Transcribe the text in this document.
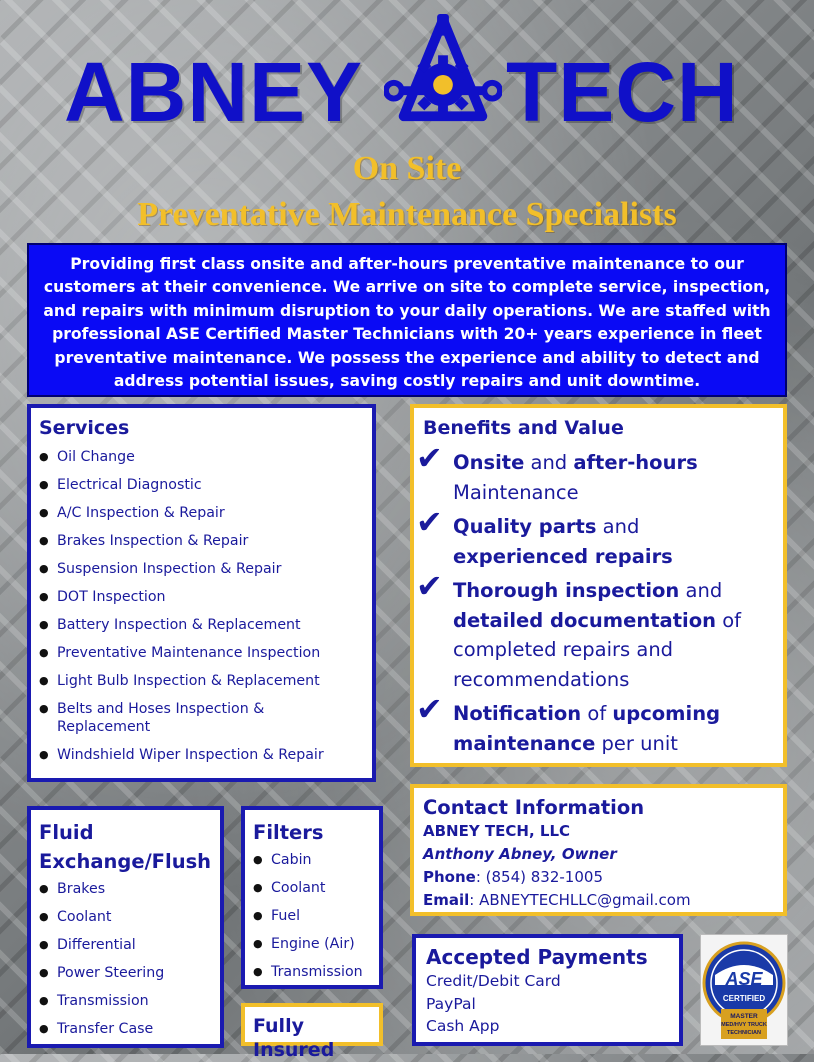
ABNEY TECH
On Site
Preventative Maintenance Specialists
Providing first class onsite and after-hours preventative maintenance to our customers at their convenience. We arrive on site to complete service, inspection, and repairs with minimum disruption to your daily operations. We are staffed with professional ASE Certified Master Technicians with 20+ years experience in fleet preventative maintenance. We possess the experience and ability to detect and address potential issues, saving costly repairs and unit downtime.
Services
● Oil Change
● Electrical Diagnostic
● A/C Inspection & Repair
● Brakes Inspection & Repair
● Suspension Inspection & Repair
● DOT Inspection
● Battery Inspection & Replacement
● Preventative Maintenance Inspection
● Light Bulb Inspection & Replacement
● Belts and Hoses Inspection & Replacement
● Windshield Wiper Inspection & Repair
Benefits and Value
✔ Onsite and after-hours Maintenance
✔ Quality parts and experienced repairs
✔ Thorough inspection and detailed documentation of completed repairs and recommendations
✔ Notification of upcoming maintenance per unit
Contact Information
ABNEY TECH, LLC
Anthony Abney, Owner
Phone: (854) 832-1005
Email: ABNEYTECHLLC@gmail.com
Fluid Exchange/Flush
● Brakes
● Coolant
● Differential
● Power Steering
● Transmission
● Transfer Case
Filters
● Cabin
● Coolant
● Fuel
● Engine (Air)
● Transmission
Fully Insured
Accepted Payments
Credit/Debit Card
PayPal
Cash App
ASE
CERTIFIED
MASTER
MED/HVY TRUCK
TECHNICIAN
